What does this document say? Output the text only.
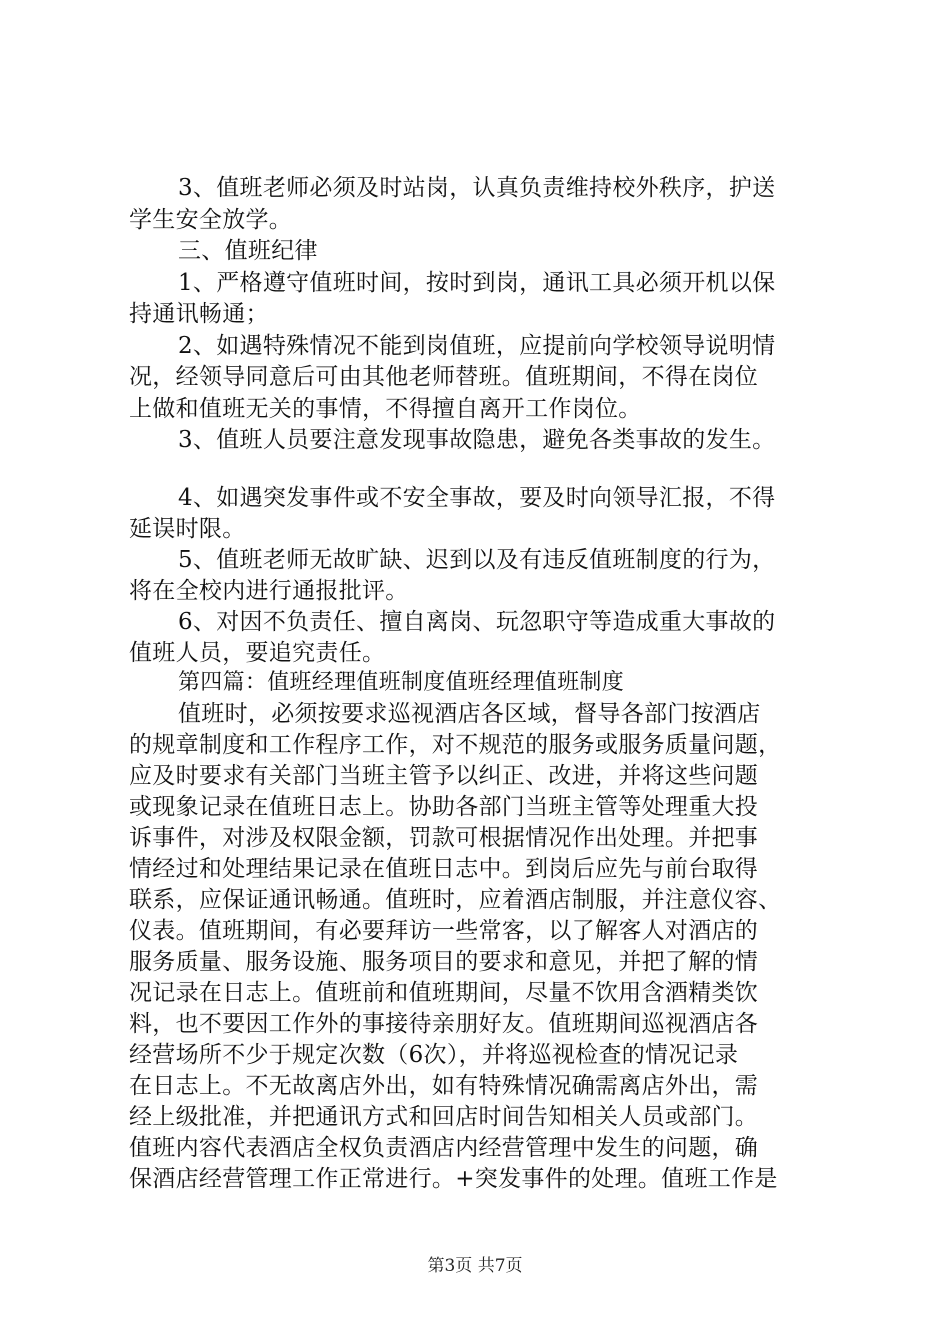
3、值班老师必须及时站岗，认真负责维持校外秩序，护送
学生安全放学。
三、值班纪律
1、严格遵守值班时间，按时到岗，通讯工具必须开机以保
持通讯畅通；
2、如遇特殊情况不能到岗值班，应提前向学校领导说明情
况，经领导同意后可由其他老师替班。值班期间，不得在岗位
上做和值班无关的事情，不得擅自离开工作岗位。
3、值班人员要注意发现事故隐患，避免各类事故的发生。
4、如遇突发事件或不安全事故，要及时向领导汇报，不得
延误时限。
5、值班老师无故旷缺、迟到以及有违反值班制度的行为，
将在全校内进行通报批评。
6、对因不负责任、擅自离岗、玩忽职守等造成重大事故的
值班人员，要追究责任。
第四篇：值班经理值班制度值班经理值班制度
值班时，必须按要求巡视酒店各区域，督导各部门按酒店
的规章制度和工作程序工作，对不规范的服务或服务质量问题，
应及时要求有关部门当班主管予以纠正、改进，并将这些问题
或现象记录在值班日志上。协助各部门当班主管等处理重大投
诉事件，对涉及权限金额，罚款可根据情况作出处理。并把事
情经过和处理结果记录在值班日志中。到岗后应先与前台取得
联系，应保证通讯畅通。值班时，应着酒店制服，并注意仪容、
仪表。值班期间，有必要拜访一些常客，以了解客人对酒店的
服务质量、服务设施、服务项目的要求和意见，并把了解的情
况记录在日志上。值班前和值班期间，尽量不饮用含酒精类饮
料，也不要因工作外的事接待亲朋好友。值班期间巡视酒店各
经营场所不少于规定次数（6次），并将巡视检查的情况记录
在日志上。不无故离店外出，如有特殊情况确需离店外出，需
经上级批准，并把通讯方式和回店时间告知相关人员或部门。
值班内容代表酒店全权负责酒店内经营管理中发生的问题，确
保酒店经营管理工作正常进行。+突发事件的处理。值班工作是
第3页 共7页
